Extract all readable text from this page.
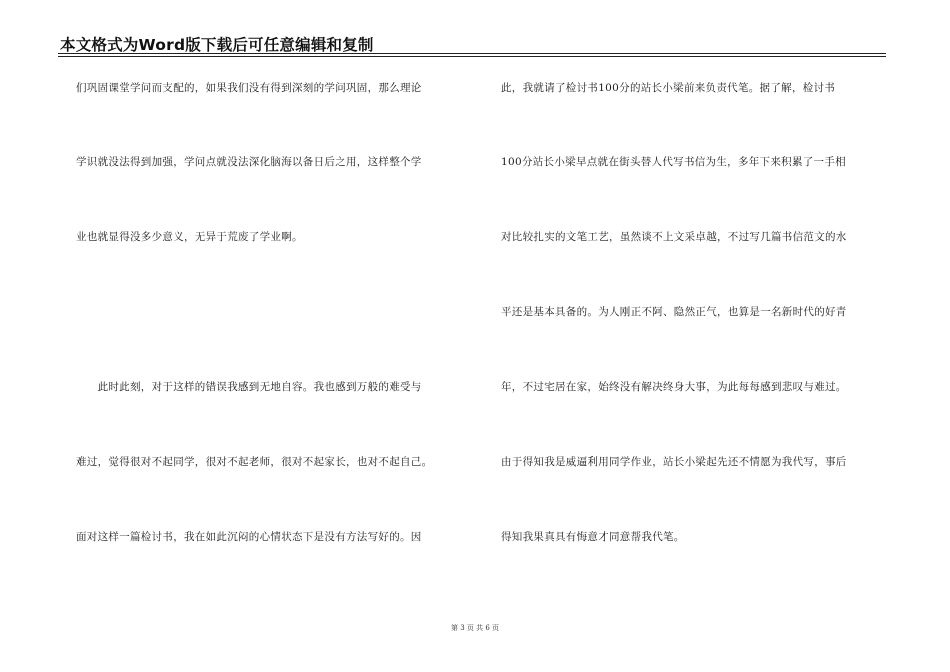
本文格式为Word版下载后可任意编辑和复制
们巩固课堂学问而支配的，如果我们没有得到深刻的学问巩固，那么理论
学识就没法得到加强，学问点就没法深化脑海以备日后之用，这样整个学
业也就显得没多少意义，无异于荒废了学业啊。
　　此时此刻，对于这样的错误我感到无地自容。我也感到万般的难受与
难过，觉得很对不起同学，很对不起老师，很对不起家长，也对不起自己。
面对这样一篇检讨书，我在如此沉闷的心情状态下是没有方法写好的。因
此，我就请了检讨书100分的站长小梁前来负责代笔。据了解，检讨书
100分站长小梁早点就在街头替人代写书信为生，多年下来积累了一手相
对比较扎实的文笔工艺，虽然谈不上文采卓越，不过写几篇书信范文的水
平还是基本具备的。为人刚正不阿、隐然正气，也算是一名新时代的好青
年，不过宅居在家，始终没有解决终身大事，为此每每感到悲叹与难过。
由于得知我是威逼利用同学作业，站长小梁起先还不情愿为我代写，事后
得知我果真具有悔意才同意帮我代笔。
第 3 页 共 6 页
